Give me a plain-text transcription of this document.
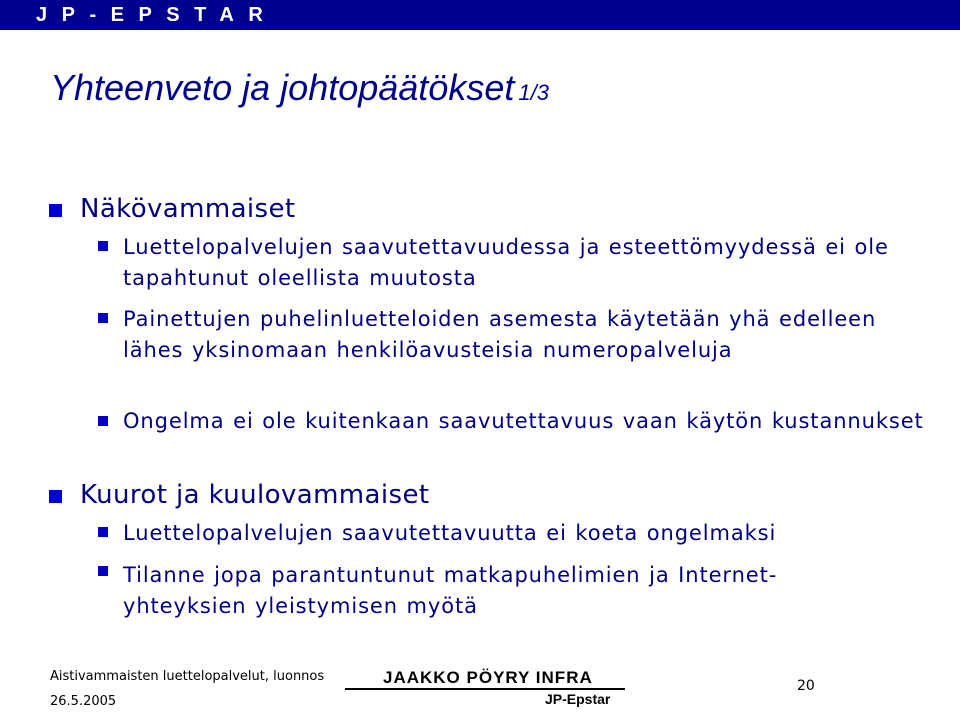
JP-EPSTAR
Yhteenveto ja johtopäätökset 1/3
Näkövammaiset
Luettelopalvelujen saavutettavuudessa ja esteettömyydessä ei ole tapahtunut oleellista muutosta
Painettujen puhelinluetteloiden asemesta käytetään yhä edelleen lähes yksinomaan henkilöavusteisia numeropalveluja
Ongelma ei ole kuitenkaan saavutettavuus vaan käytön kustannukset
Kuurot ja kuulovammaiset
Luettelopalvelujen saavutettavuutta ei koeta ongelmaksi
Tilanne jopa parantuntunut matkapuhelimien ja Internet-yhteyksien yleistymisen myötä
Aistivammaisten luettelopalvelut, luonnos
26.5.2005
JAAKKO PÖYRY INFRA
JP-Epstar
20
